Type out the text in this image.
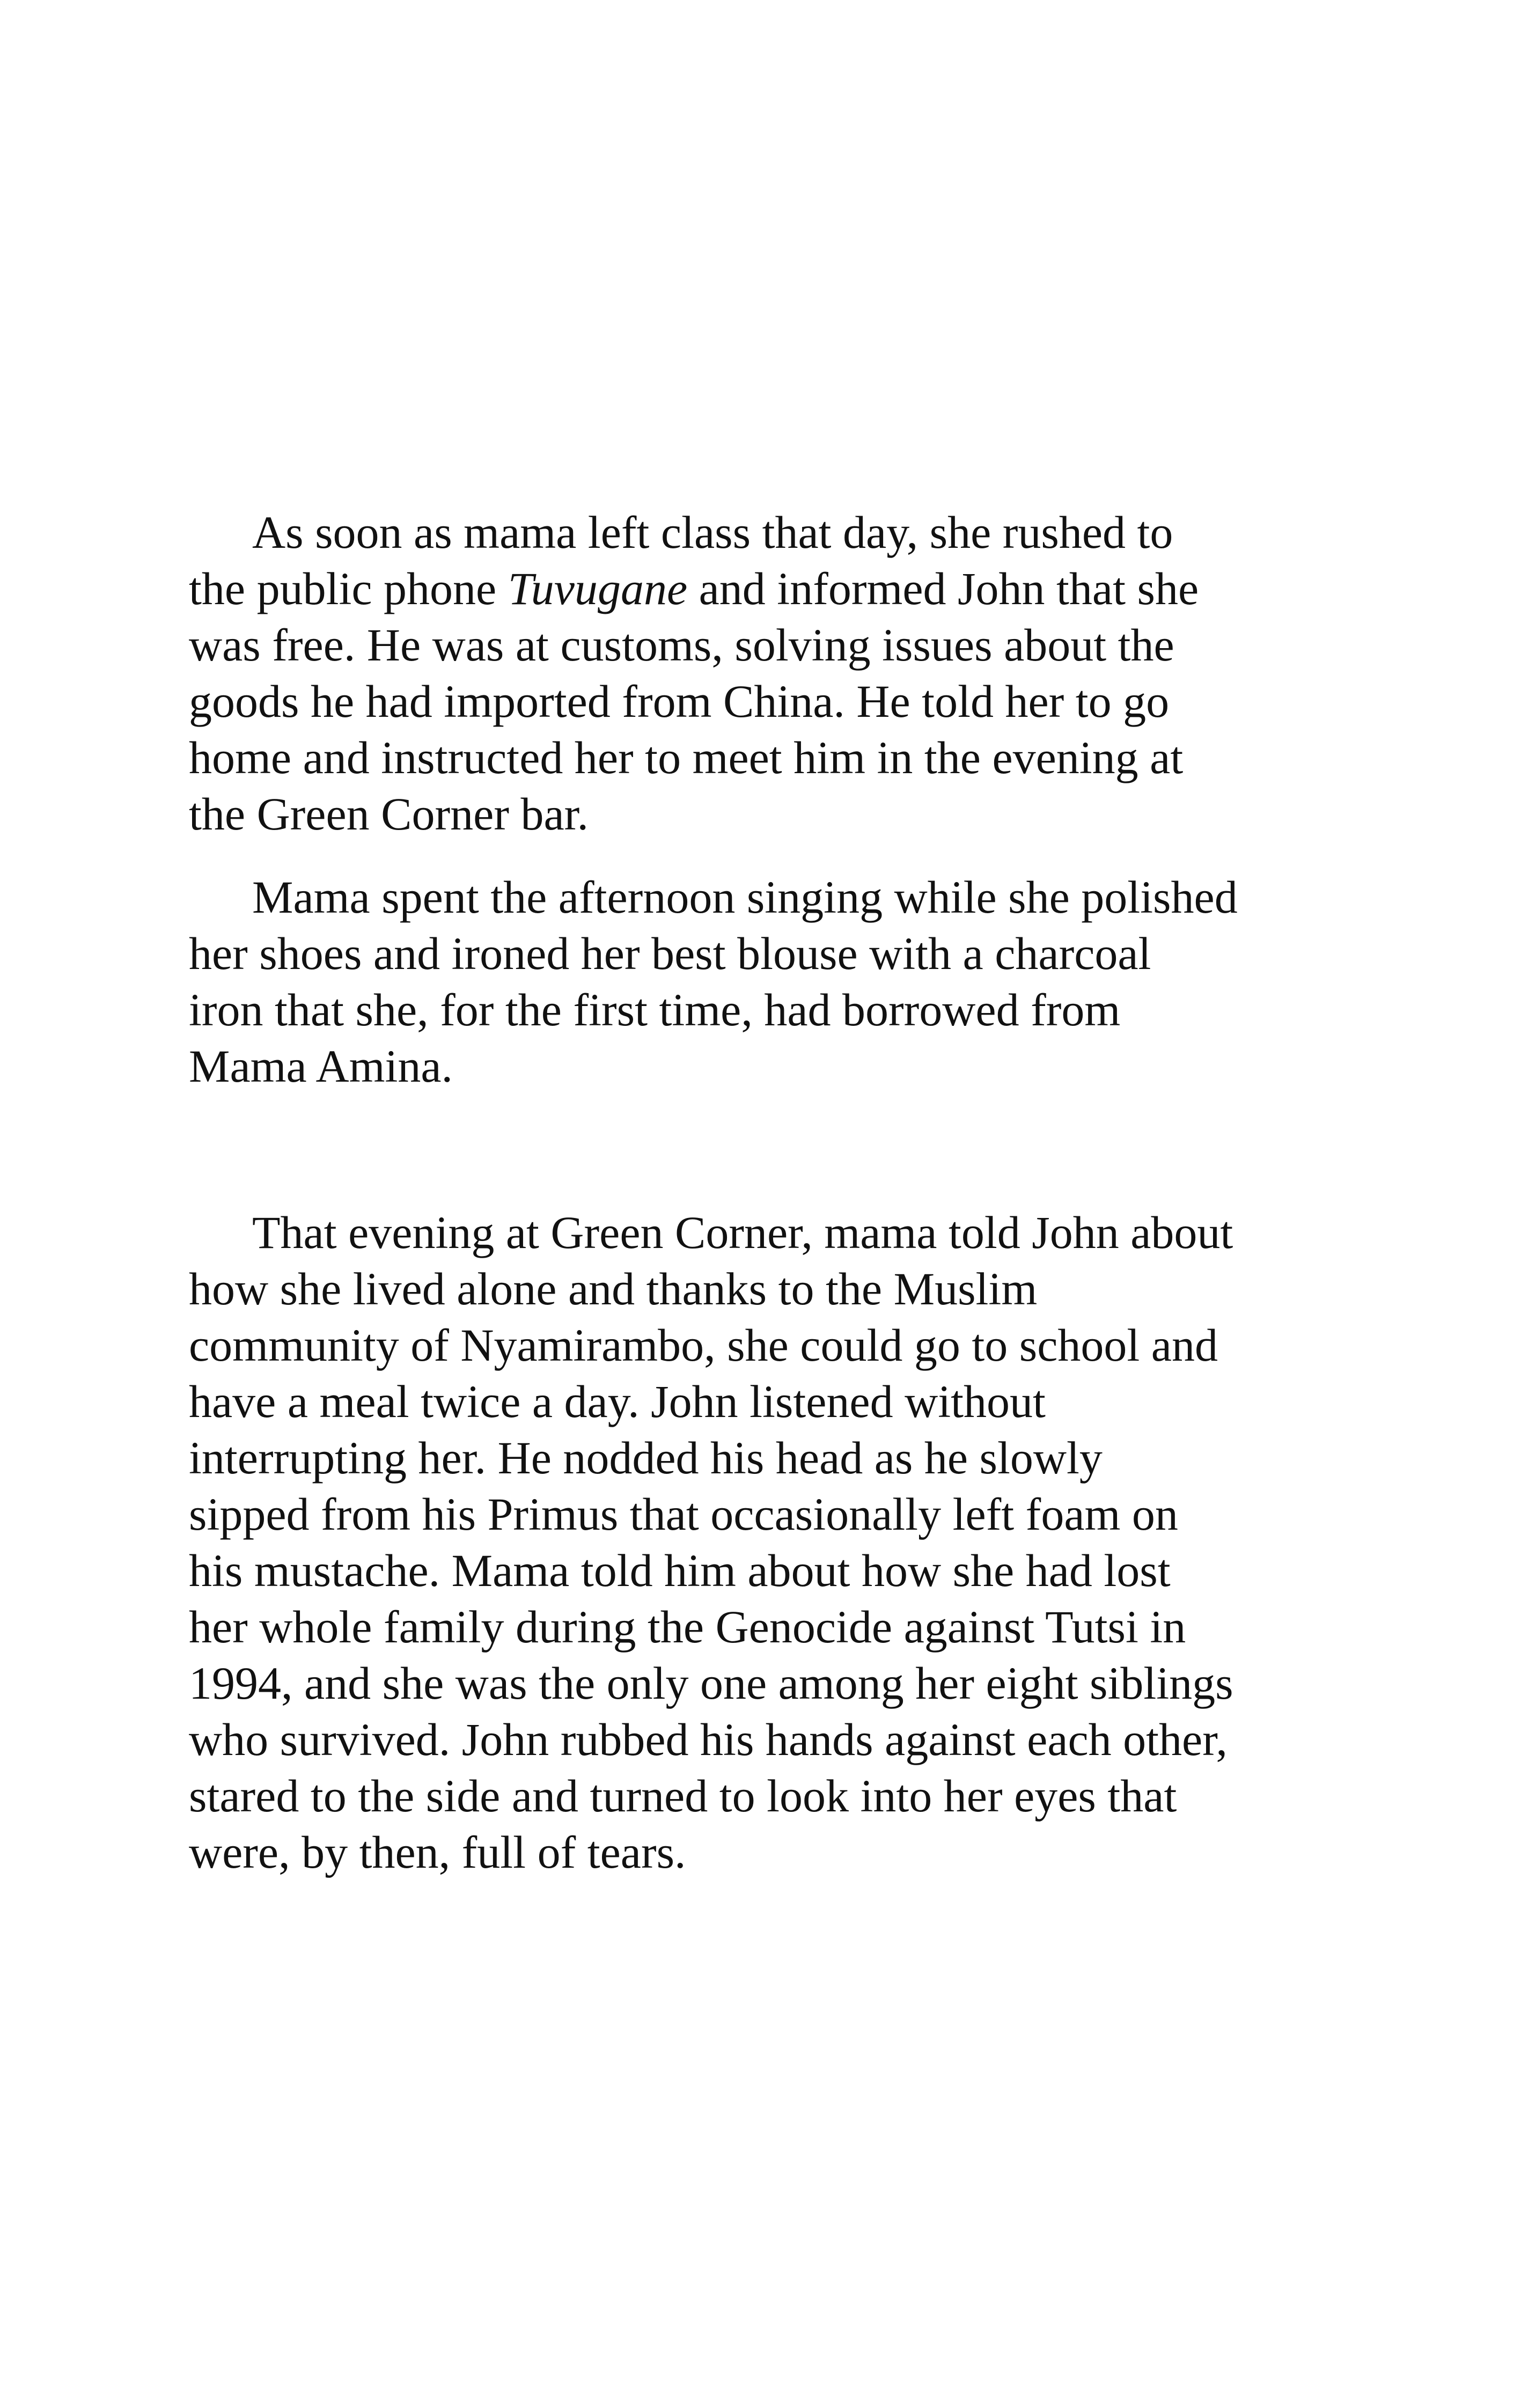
As soon as mama left class that day, she rushed to
the public phone Tuvugane and informed John that she
was free. He was at customs, solving issues about the
goods he had imported from China. He told her to go
home and instructed her to meet him in the evening at
the Green Corner bar.
Mama spent the afternoon singing while she polished
her shoes and ironed her best blouse with a charcoal
iron that she, for the first time, had borrowed from
Mama Amina.
That evening at Green Corner, mama told John about
how she lived alone and thanks to the Muslim
community of Nyamirambo, she could go to school and
have a meal twice a day. John listened without
interrupting her. He nodded his head as he slowly
sipped from his Primus that occasionally left foam on
his mustache. Mama told him about how she had lost
her whole family during the Genocide against Tutsi in
1994, and she was the only one among her eight siblings
who survived. John rubbed his hands against each other,
stared to the side and turned to look into her eyes that
were, by then, full of tears.
